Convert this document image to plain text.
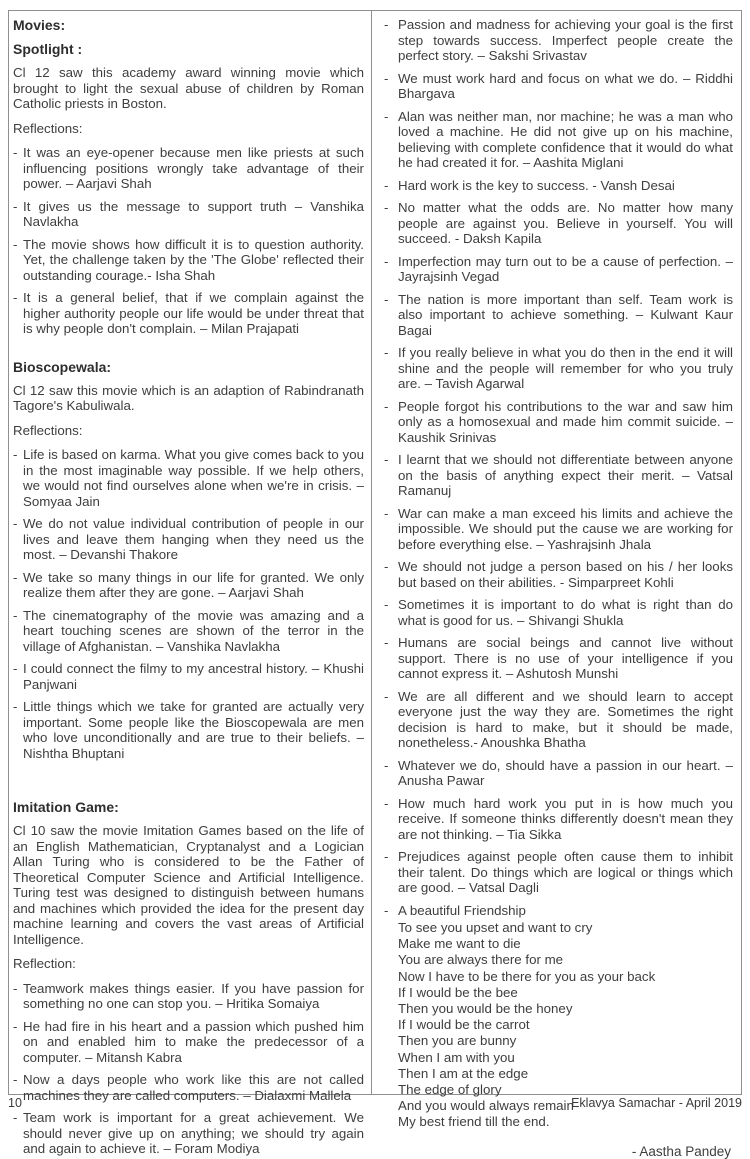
Movies:
Spotlight :

Cl 12 saw this academy award winning movie which brought to light the sexual abuse of children by Roman Catholic priests in Boston.

Reflections:
- It was an eye-opener because men like priests at such influencing positions wrongly take advantage of their power. – Aarjavi Shah
- It gives us the message to support truth – Vanshika Navlakha
- The movie shows how difficult it is to question authority. Yet, the challenge taken by the 'The Globe' reflected their outstanding courage.- Isha Shah
- It is a general belief, that if we complain against the higher authority people our life would be under threat that is why people don't complain. – Milan Prajapati
Bioscopewala:

Cl 12 saw this movie which is an adaption of Rabindranath Tagore's Kabuliwala.

Reflections:
- Life is based on karma. What you give comes back to you in the most imaginable way possible. If we help others, we would not find ourselves alone when we're in crisis. – Somyaa Jain
- We do not value individual contribution of people in our lives and leave them hanging when they need us the most. – Devanshi Thakore
- We take so many things in our life for granted. We only realize them after they are gone. – Aarjavi Shah
- The cinematography of the movie was amazing and a heart touching scenes are shown of the terror in the village of Afghanistan. – Vanshika Navlakha
- I could connect the filmy to my ancestral history. – Khushi Panjwani
- Little things which we take for granted are actually very important. Some people like the Bioscopewala are men who love unconditionally and are true to their beliefs. – Nishtha Bhuptani
Imitation Game:

Cl 10 saw the movie Imitation Games based on the life of an English Mathematician, Cryptanalyst and a Logician Allan Turing who is considered to be the Father of Theoretical Computer Science and Artificial Intelligence. Turing test was designed to distinguish between humans and machines which provided the idea for the present day machine learning and covers the vast areas of Artificial Intelligence.

Reflection:
- Teamwork makes things easier. If you have passion for something no one can stop you. – Hritika Somaiya
- He had fire in his heart and a passion which pushed him on and enabled him to make the predecessor of a computer. – Mitansh Kabra
- Now a days people who work like this are not called machines they are called computers. – Dialaxmi Mallela
- Team work is important for a great achievement. We should never give up on anything; we should try again and again to achieve it. – Foram Modiya
- Passion and madness for achieving your goal is the first step towards success. Imperfect people create the perfect story. – Sakshi Srivastav
- We must work hard and focus on what we do. – Riddhi Bhargava
- Alan was neither man, nor machine; he was a man who loved a machine. He did not give up on his machine, believing with complete confidence that it would do what he had created it for. – Aashita Miglani
- Hard work is the key to success. - Vansh Desai
- No matter what the odds are. No matter how many people are against you. Believe in yourself. You will succeed. - Daksh Kapila
- Imperfection may turn out to be a cause of perfection. – Jayrajsinh Vegad
- The nation is more important than self. Team work is also important to achieve something. – Kulwant Kaur Bagai
- If you really believe in what you do then in the end it will shine and the people will remember for who you truly are. – Tavish Agarwal
- People forgot his contributions to the war and saw him only as a homosexual and made him commit suicide. – Kaushik Srinivas
- I learnt that we should not differentiate between anyone on the basis of anything expect their merit. – Vatsal Ramanuj
- War can make a man exceed his limits and achieve the impossible. We should put the cause we are working for before everything else. – Yashrajsinh Jhala
- We should not judge a person based on his / her looks but based on their abilities. - Simparpreet Kohli
- Sometimes it is important to do what is right than do what is good for us. – Shivangi Shukla
- Humans are social beings and cannot live without support. There is no use of your intelligence if you cannot express it. – Ashutosh Munshi
- We are all different and we should learn to accept everyone just the way they are. Sometimes the right decision is hard to make, but it should be made, nonetheless.- Anoushka Bhatha
- Whatever we do, should have a passion in our heart. – Anusha Pawar
- How much hard work you put in is how much you receive. If someone thinks differently doesn't mean they are not thinking. – Tia Sikka
- Prejudices against people often cause them to inhibit their talent. Do things which are logical or things which are good. – Vatsal Dagli
- A beautiful Friendship
To see you upset and want to cry
Make me want to die
You are always there for me
Now I have to be there for you as your back
If I would be the bee
Then you would be the honey
If I would be the carrot
Then you are bunny
When I am with you
Then I am at the edge
The edge of glory
And you would always remain
My best friend till the end.
- Aastha Pandey
10	Eklavya Samachar - April 2019
